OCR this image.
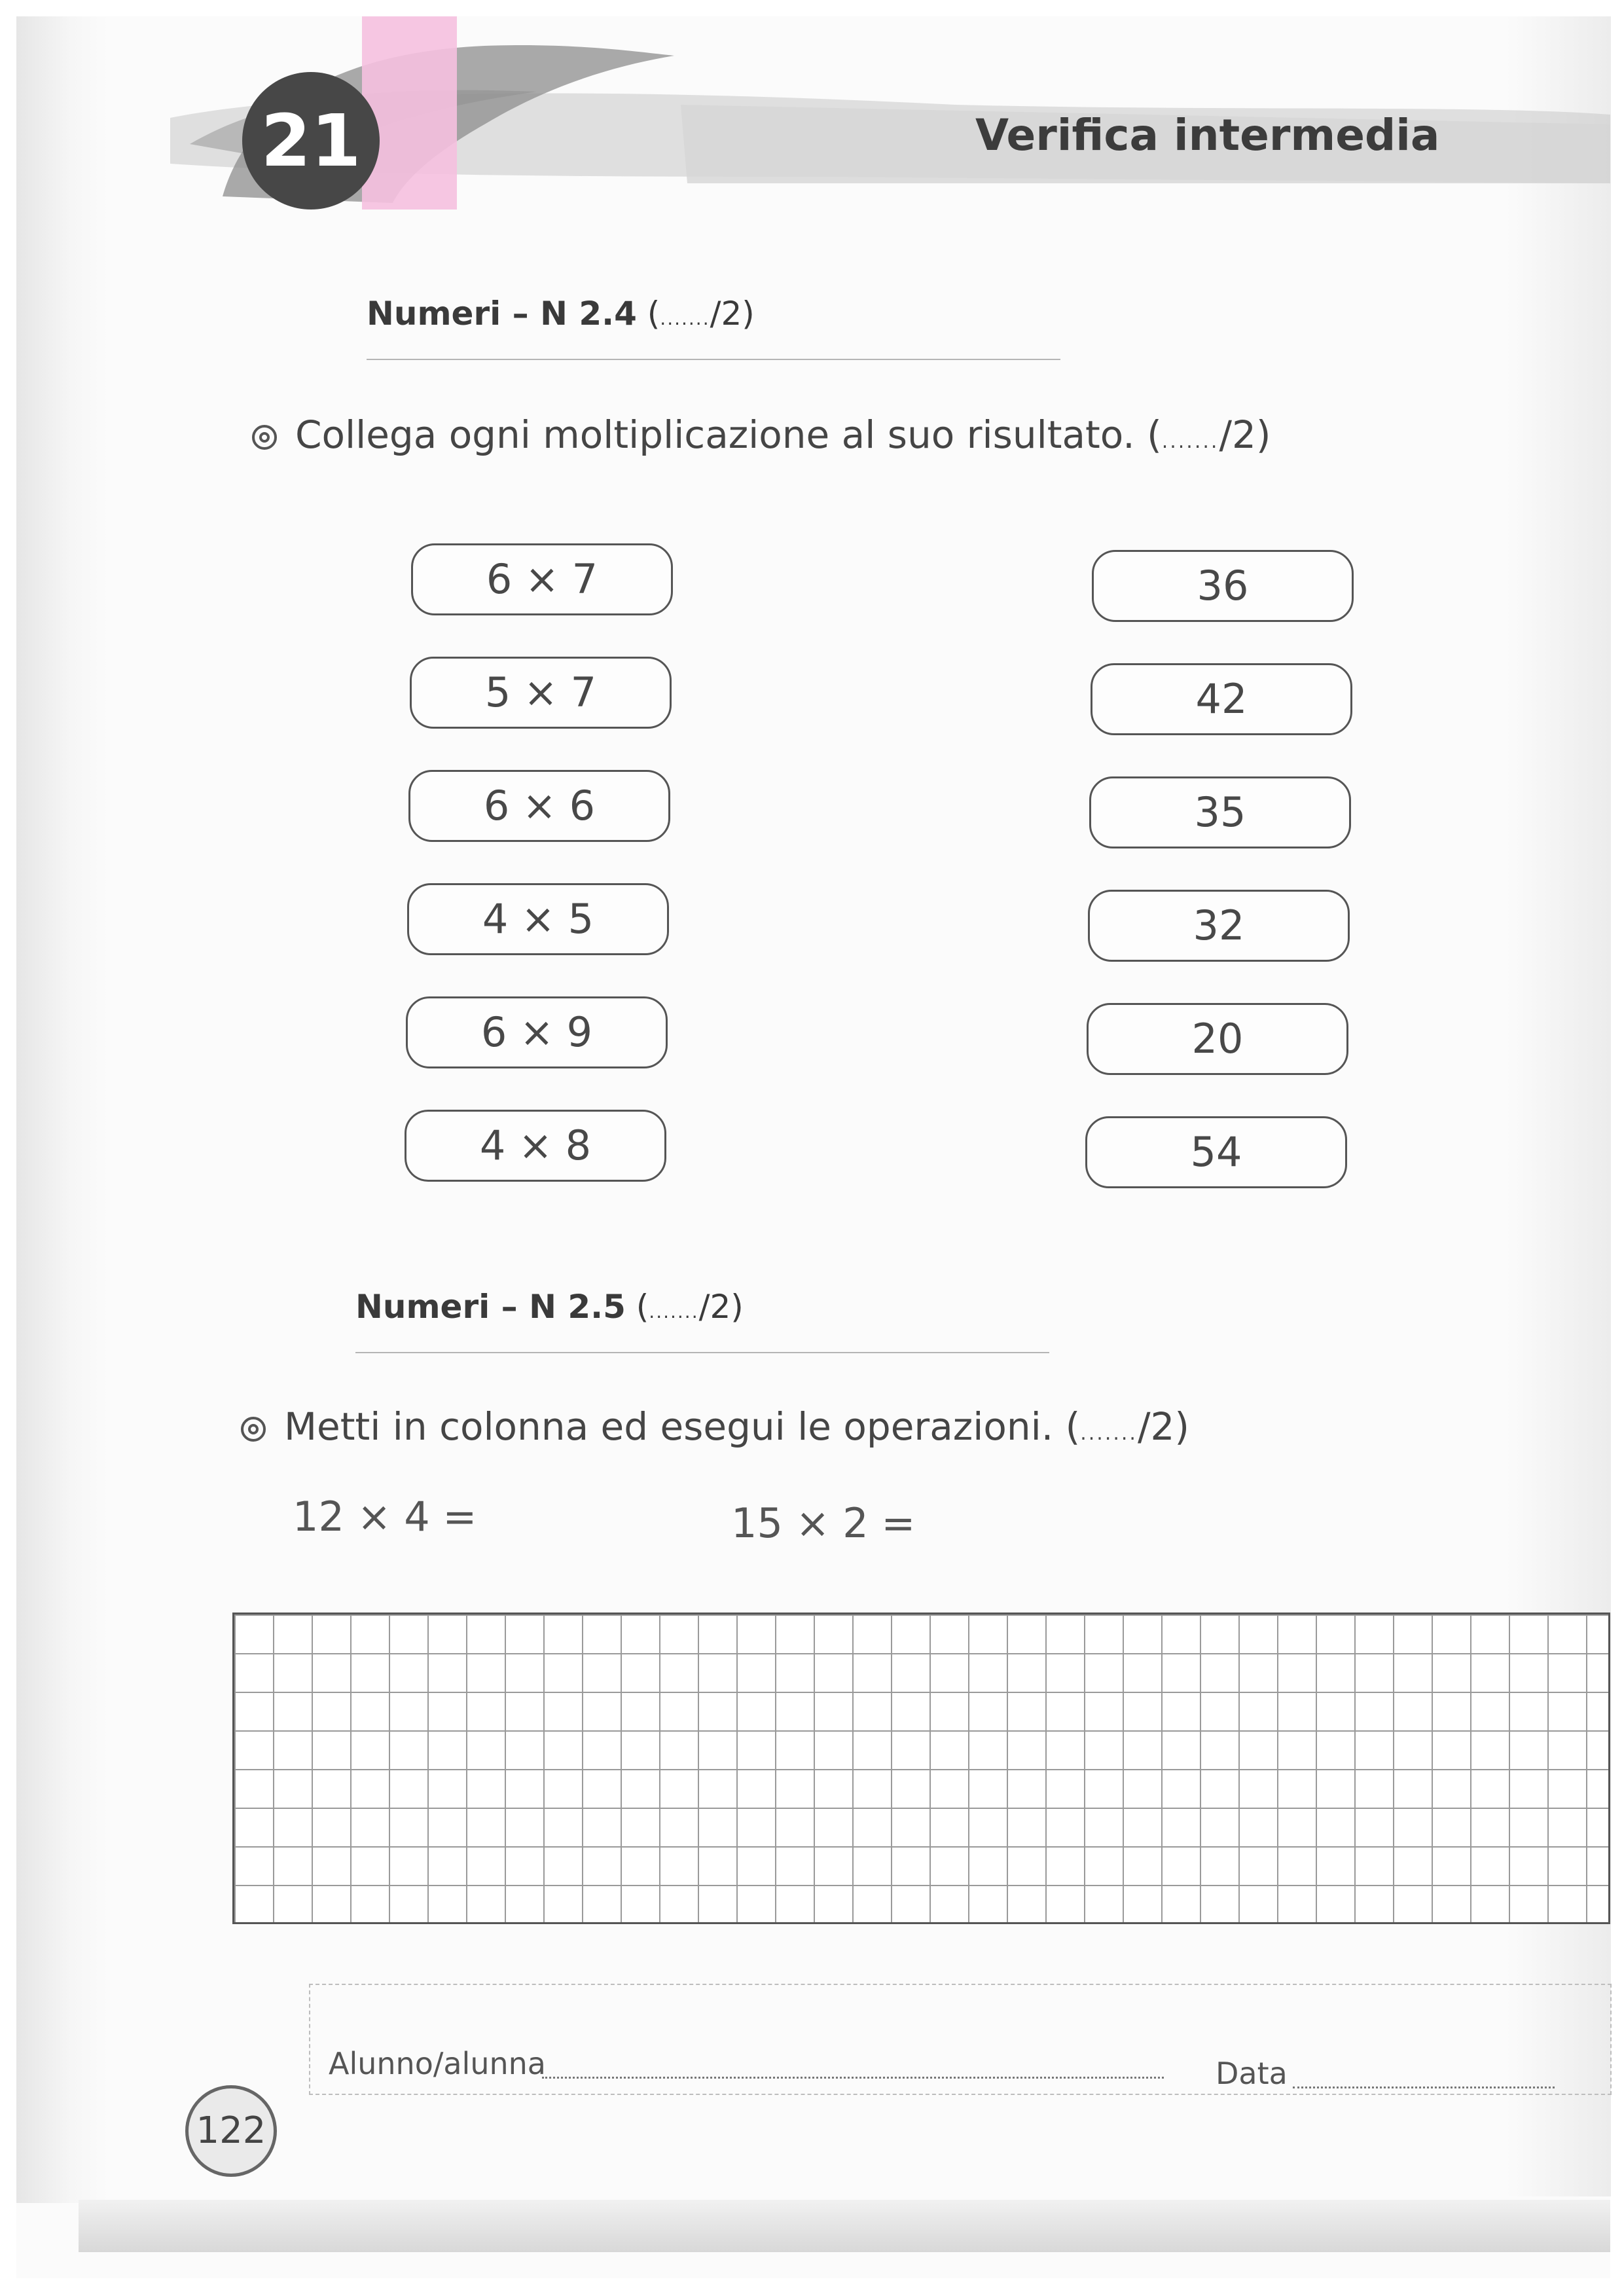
21	Verifica intermedia
Numeri – N 2.4 (......./2)
Collega ogni moltiplicazione al suo risultato. (......./2)
6 × 7
5 × 7
6 × 6
4 × 5
6 × 9
4 × 8
36
42
35
32
20
54
Numeri – N 2.5 (......./2)
Metti in colonna ed esegui le operazioni. (......./2)
12 × 4 =	15 × 2 =
Alunno/alunna	Data
122
